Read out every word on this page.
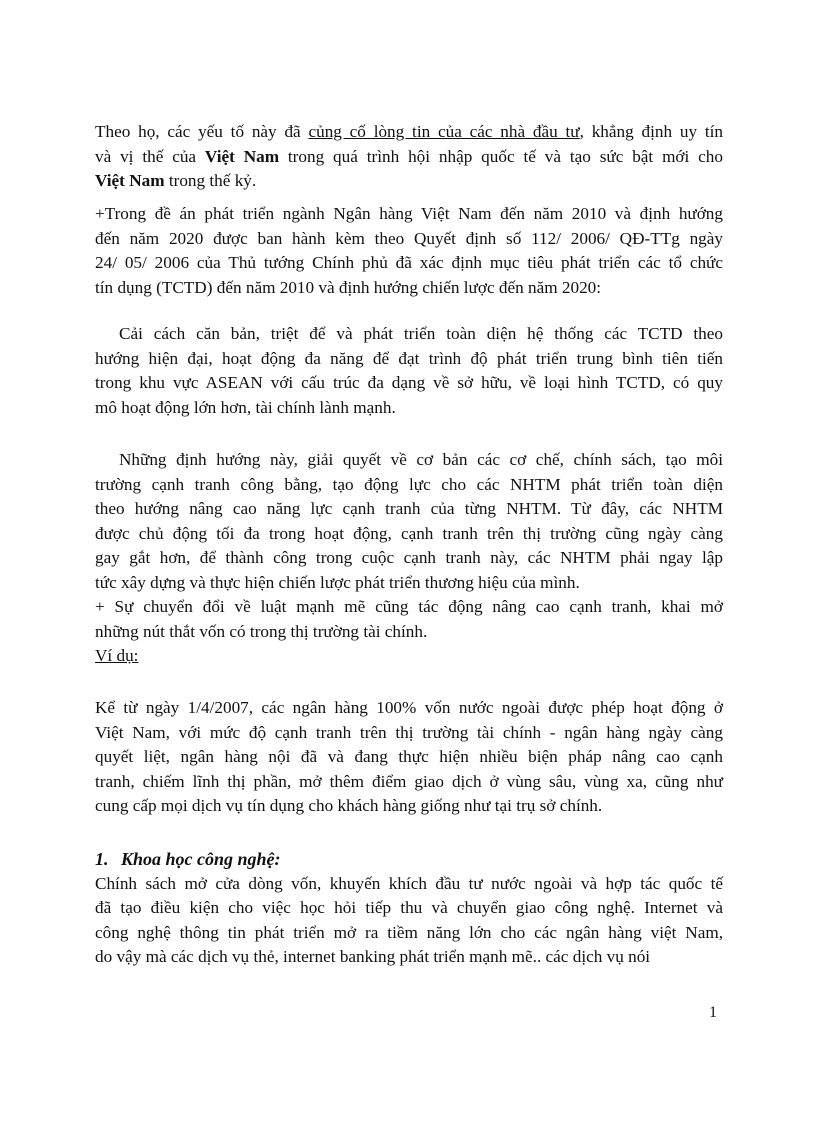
Theo họ, các yếu tố này đã củng cố lòng tin của các nhà đầu tư, khẳng định uy tín
và vị thế của Việt Nam trong quá trình hội nhập quốc tế và tạo sức bật mới cho
Việt Nam trong thế kỷ.
+Trong đề án phát triển ngành Ngân hàng Việt Nam đến năm 2010 và định hướng
đến năm 2020 được ban hành kèm theo Quyết định số 112/ 2006/ QĐ-TTg ngày
24/ 05/ 2006 của Thủ tướng Chính phủ đã xác định mục tiêu phát triển các tổ chức
tín dụng (TCTD) đến năm 2010 và định hướng chiến lược đến năm 2020:
Cải cách căn bản, triệt để và phát triển toàn diện hệ thống các TCTD theo
hướng hiện đại, hoạt động đa năng để đạt trình độ phát triển trung bình tiên tiến
trong khu vực ASEAN với cấu trúc đa dạng về sở hữu, về loại hình TCTD, có quy
mô hoạt động lớn hơn, tài chính lành mạnh.
Những định hướng này, giải quyết về cơ bản các cơ chế, chính sách, tạo môi
trường cạnh tranh công bằng, tạo động lực cho các NHTM phát triển toàn diện
theo hướng nâng cao năng lực cạnh tranh của từng NHTM. Từ đây, các NHTM
được chủ động tối đa trong hoạt động, cạnh tranh trên thị trường cũng ngày càng
gay gắt hơn, để thành công trong cuộc cạnh tranh này, các NHTM phải ngay lập
tức xây dựng và thực hiện chiến lược phát triển thương hiệu của mình.
+ Sự chuyển đổi về luật mạnh mẽ cũng tác động nâng cao cạnh tranh, khai mở
những nút thắt vốn có trong thị trường tài chính.
Ví dụ:
Kể từ ngày 1/4/2007, các ngân hàng 100% vốn nước ngoài được phép hoạt động ở
Việt Nam, với mức độ cạnh tranh trên thị trường tài chính - ngân hàng ngày càng
quyết liệt, ngân hàng nội đã và đang thực hiện nhiều biện pháp nâng cao cạnh
tranh, chiếm lĩnh thị phần, mở thêm điểm giao dịch ở vùng sâu, vùng xa, cũng như
cung cấp mọi dịch vụ tín dụng cho khách hàng giống như tại trụ sở chính.
1. Khoa học công nghệ:
Chính sách mở cửa dòng vốn, khuyến khích đầu tư nước ngoài và hợp tác quốc tế
đã tạo điều kiện cho việc học hỏi tiếp thu và chuyển giao công nghệ. Internet và
công nghệ thông tin phát triển mở ra tiềm năng lớn cho các ngân hàng việt Nam,
do vậy mà các dịch vụ thẻ, internet banking phát triển mạnh mẽ.. các dịch vụ nói
1
